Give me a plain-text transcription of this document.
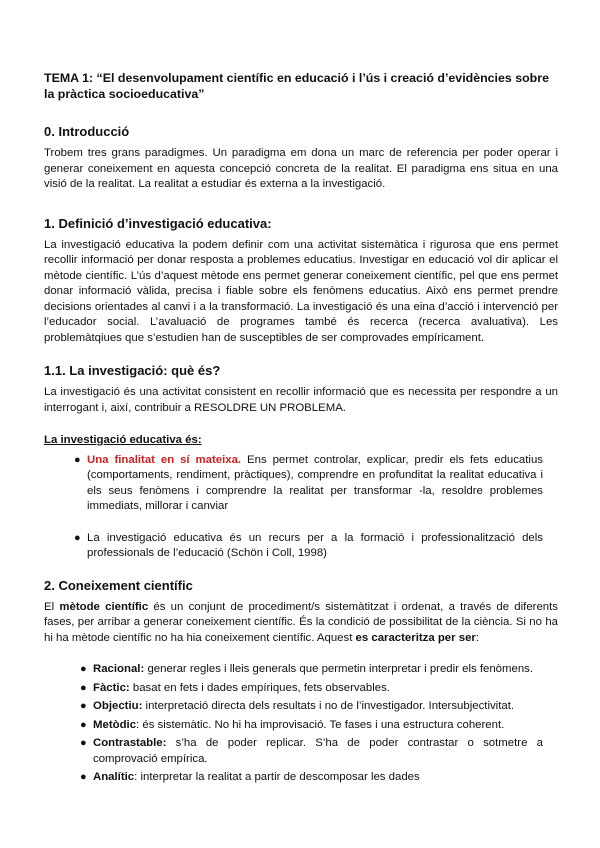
TEMA 1: “El desenvolupament científic en educació i l’ús i creació d’evidències sobre la pràctica socioeducativa”
0. Introducció

Trobem tres grans paradigmes. Un paradigma em dona un marc de referencia per poder operar i generar coneixement en aquesta concepció concreta de la realitat. El paradigma ens situa en una visió de la realitat. La realitat a estudiar és externa a la investigació.

1. Definició d’investigació educativa:

La investigació educativa la podem definir com una activitat sistemàtica i rigurosa que ens permet recollir informació per donar resposta a problemes educatius. Investigar en educació vol dir aplicar el mètode científic. L’ús d’aquest mètode ens permet generar coneixement científic, pel que ens permet donar informació vàlida, precisa i fiable sobre els fenòmens educatius. Això ens permet prendre decisions orientades al canvi i a la transformació. La investigació és una eina d’acció i intervenció per l’educador social. L’avaluació de programes també és recerca (recerca avaluativa). Les problemàtqiues que s’estudien han de susceptibles de ser comprovades empíricament.

1.1. La investigació: què és?

La investigació és una activitat consistent en recollir informació que es necessita per respondre a un interrogant i, així, contribuir a RESOLDRE UN PROBLEMA.

La investigació educativa és:
● Una finalitat en sí mateixa. Ens permet controlar, explicar, predir els fets educatius (comportaments, rendiment, pràctiques), comprendre en profunditat la realitat educativa i els seus fenòmens i comprendre la realitat per transformar -la, resoldre problemes immediats, millorar i canviar
● La investigació educativa és un recurs per a la formació i professionalització dels professionals de l’educació (Schön i Coll, 1998)
2. Coneixement científic

El mètode científic és un conjunt de procediment/s sistemàtitzat i ordenat, a través de diferents fases, per arribar a generar coneixement científic. És la condició de possibilitat de la ciència. Si no ha hi ha mètode científic no ha hia coneixement científic. Aquest es caracteritza per ser:

● Racional: generar regles i lleis generals que permetin interpretar i predir els fenòmens.
● Fàctic: basat en fets i dades empíriques, fets observables.
● Objectiu: interpretació directa dels resultats i no de l’investigador. Intersubjectivitat.
● Metòdic: és sistemàtic. No hi ha improvisació. Te fases i una estructura coherent.
● Contrastable: s’ha de poder replicar. S’ha de poder contrastar o sotmetre a comprovació empírica.
● Analític: interpretar la realitat a partir de descomposar les dades
